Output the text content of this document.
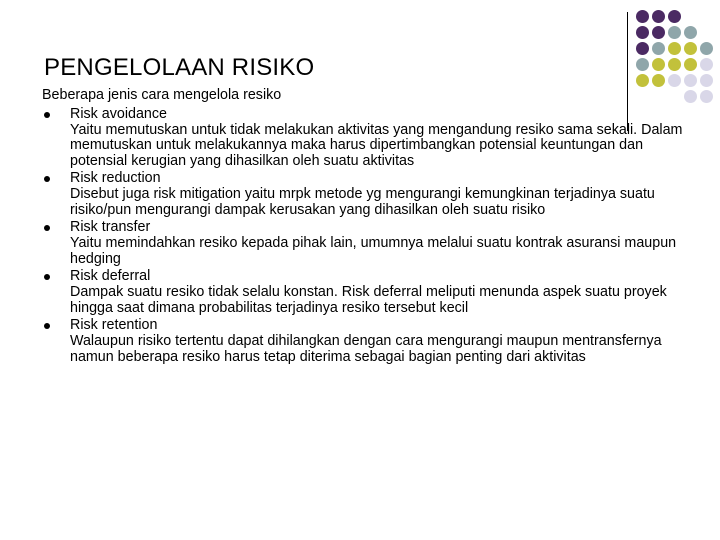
PENGELOLAAN RISIKO

Beberapa jenis cara mengelola resiko

Risk avoidance
Yaitu memutuskan untuk tidak melakukan aktivitas yang mengandung resiko sama sekali. Dalam memutuskan untuk melakukannya maka harus dipertimbangkan potensial keuntungan dan potensial kerugian yang dihasilkan oleh suatu aktivitas
Risk reduction
Disebut juga risk mitigation yaitu mrpk metode yg mengurangi kemungkinan terjadinya suatu risiko/pun mengurangi dampak kerusakan yang dihasilkan oleh suatu risiko
Risk transfer
Yaitu memindahkan resiko kepada pihak lain, umumnya melalui suatu kontrak asuransi maupun hedging
Risk deferral
Dampak suatu resiko tidak selalu konstan. Risk deferral meliputi menunda aspek suatu proyek hingga saat dimana probabilitas terjadinya resiko tersebut kecil
Risk retention
Walaupun risiko tertentu dapat dihilangkan dengan cara mengurangi maupun mentransfernya namun beberapa resiko harus tetap diterima sebagai bagian penting dari aktivitas
